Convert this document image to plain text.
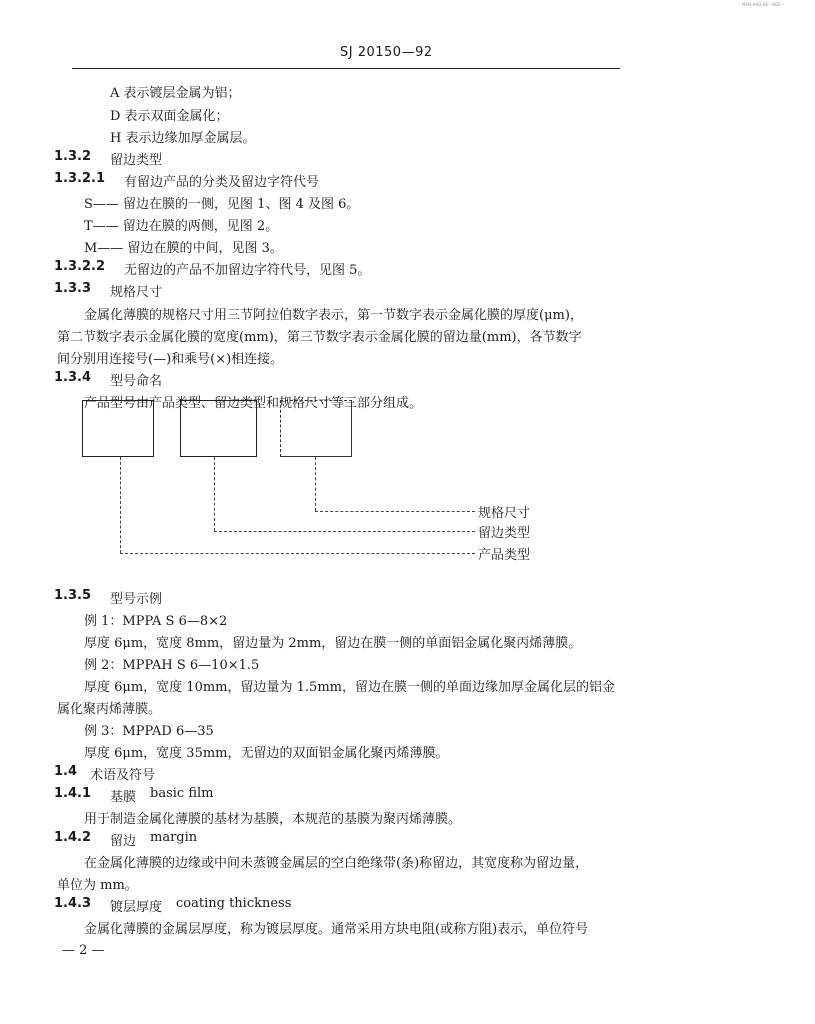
MAN·HAO·DE···NDS···
SJ 20150—92
A 表示镀层金属为铝；
D 表示双面金属化；
H 表示边缘加厚金属层。
1.3.2 留边类型
1.3.2.1 有留边产品的分类及留边字符代号
S—— 留边在膜的一侧，见图 1、图 4 及图 6。
T—— 留边在膜的两侧，见图 2。
M—— 留边在膜的中间，见图 3。
1.3.2.2 无留边的产品不加留边字符代号，见图 5。
1.3.3 规格尺寸
金属化薄膜的规格尺寸用三节阿拉伯数字表示，第一节数字表示金属化膜的厚度(μm)，
第二节数字表示金属化膜的宽度(mm)，第三节数字表示金属化膜的留边量(mm)，各节数字
间分别用连接号(—)和乘号(×)相连接。
1.3.4 型号命名
产品型号由产品类型、留边类型和规格尺寸等三部分组成。
规格尺寸
留边类型
产品类型
1.3.5 型号示例
例 1：MPPA S 6—8×2
厚度 6μm，宽度 8mm，留边量为 2mm，留边在膜一侧的单面铝金属化聚丙烯薄膜。
例 2：MPPAH S 6—10×1.5
厚度 6μm，宽度 10mm，留边量为 1.5mm，留边在膜一侧的单面边缘加厚金属化层的铝金
属化聚丙烯薄膜。
例 3：MPPAD 6—35
厚度 6μm，宽度 35mm，无留边的双面铝金属化聚丙烯薄膜。
1.4 术语及符号
1.4.1 基膜 basic film
用于制造金属化薄膜的基材为基膜，本规范的基膜为聚丙烯薄膜。
1.4.2 留边 margin
在金属化薄膜的边缘或中间未蒸镀金属层的空白绝缘带(条)称留边，其宽度称为留边量，
单位为 mm。
1.4.3 镀层厚度 coating thickness
金属化薄膜的金属层厚度，称为镀层厚度。通常采用方块电阻(或称方阻)表示，单位符号
— 2 —
